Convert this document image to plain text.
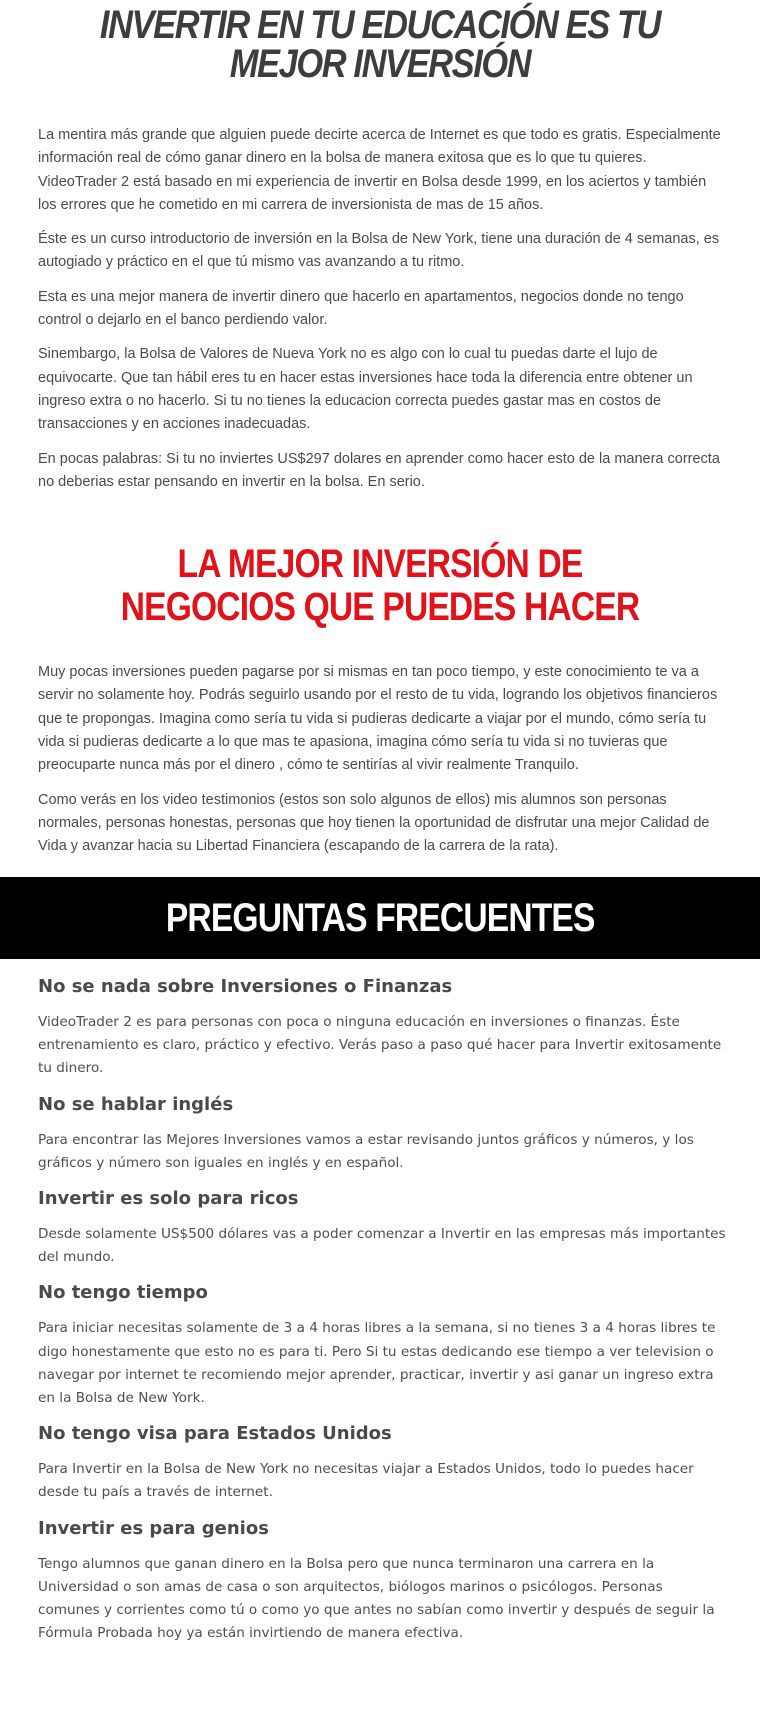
INVERTIR EN TU EDUCACIÓN ES TU MEJOR INVERSIÓN

La mentira más grande que alguien puede decirte acerca de Internet es que todo es gratis. Especialmente información real de cómo ganar dinero en la bolsa de manera exitosa que es lo que tu quieres. VideoTrader 2 está basado en mi experiencia de invertir en Bolsa desde 1999, en los aciertos y también los errores que he cometido en mi carrera de inversionista de mas de 15 años.

Éste es un curso introductorio de inversión en la Bolsa de New York, tiene una duración de 4 semanas, es autogiado y práctico en el que tú mismo vas avanzando a tu ritmo.

Esta es una mejor manera de invertir dinero que hacerlo en apartamentos, negocios donde no tengo control o dejarlo en el banco perdiendo valor.

Sinembargo, la Bolsa de Valores de Nueva York no es algo con lo cual tu puedas darte el lujo de equivocarte. Que tan hábil eres tu en hacer estas inversiones hace toda la diferencia entre obtener un ingreso extra o no hacerlo. Si tu no tienes la educacion correcta puedes gastar mas en costos de transacciones y en acciones inadecuadas.

En pocas palabras: Si tu no inviertes US$297 dolares en aprender como hacer esto de la manera correcta no deberias estar pensando en invertir en la bolsa. En serio.

LA MEJOR INVERSIÓN DE NEGOCIOS QUE PUEDES HACER

Muy pocas inversiones pueden pagarse por si mismas en tan poco tiempo, y este conocimiento te va a servir no solamente hoy. Podrás seguirlo usando por el resto de tu vida, logrando los objetivos financieros que te propongas. Imagina como sería tu vida si pudieras dedicarte a viajar por el mundo, cómo sería tu vida si pudieras dedicarte a lo que mas te apasiona, imagina cómo sería tu vida si no tuvieras que preocuparte nunca más por el dinero , cómo te sentirías al vivir realmente Tranquilo.

Como verás en los video testimonios (estos son solo algunos de ellos) mis alumnos son personas normales, personas honestas, personas que hoy tienen la oportunidad de disfrutar una mejor Calidad de Vida y avanzar hacia su Libertad Financiera (escapando de la carrera de la rata).

PREGUNTAS FRECUENTES
No se nada sobre Inversiones o Finanzas

VideoTrader 2 es para personas con poca o ninguna educación en inversiones o finanzas. Éste entrenamiento es claro, práctico y efectivo. Verás paso a paso qué hacer para Invertir exitosamente tu dinero.

No se hablar inglés

Para encontrar las Mejores Inversiones vamos a estar revisando juntos gráficos y números, y los gráficos y número son iguales en inglés y en español.

Invertir es solo para ricos

Desde solamente US$500 dólares vas a poder comenzar a Invertir en las empresas más importantes del mundo.

No tengo tiempo

Para iniciar necesitas solamente de 3 a 4 horas libres a la semana, si no tienes 3 a 4 horas libres te digo honestamente que esto no es para ti. Pero Si tu estas dedicando ese tiempo a ver television o navegar por internet te recomiendo mejor aprender, practicar, invertir y asi ganar un ingreso extra en la Bolsa de New York.

No tengo visa para Estados Unidos

Para Invertir en la Bolsa de New York no necesitas viajar a Estados Unidos, todo lo puedes hacer desde tu país a través de internet.

Invertir es para genios

Tengo alumnos que ganan dinero en la Bolsa pero que nunca terminaron una carrera en la Universidad o son amas de casa o son arquitectos, biólogos marinos o psicólogos. Personas comunes y corrientes como tú o como yo que antes no sabían como invertir y después de seguir la Fórmula Probada hoy ya están invirtiendo de manera efectiva.
